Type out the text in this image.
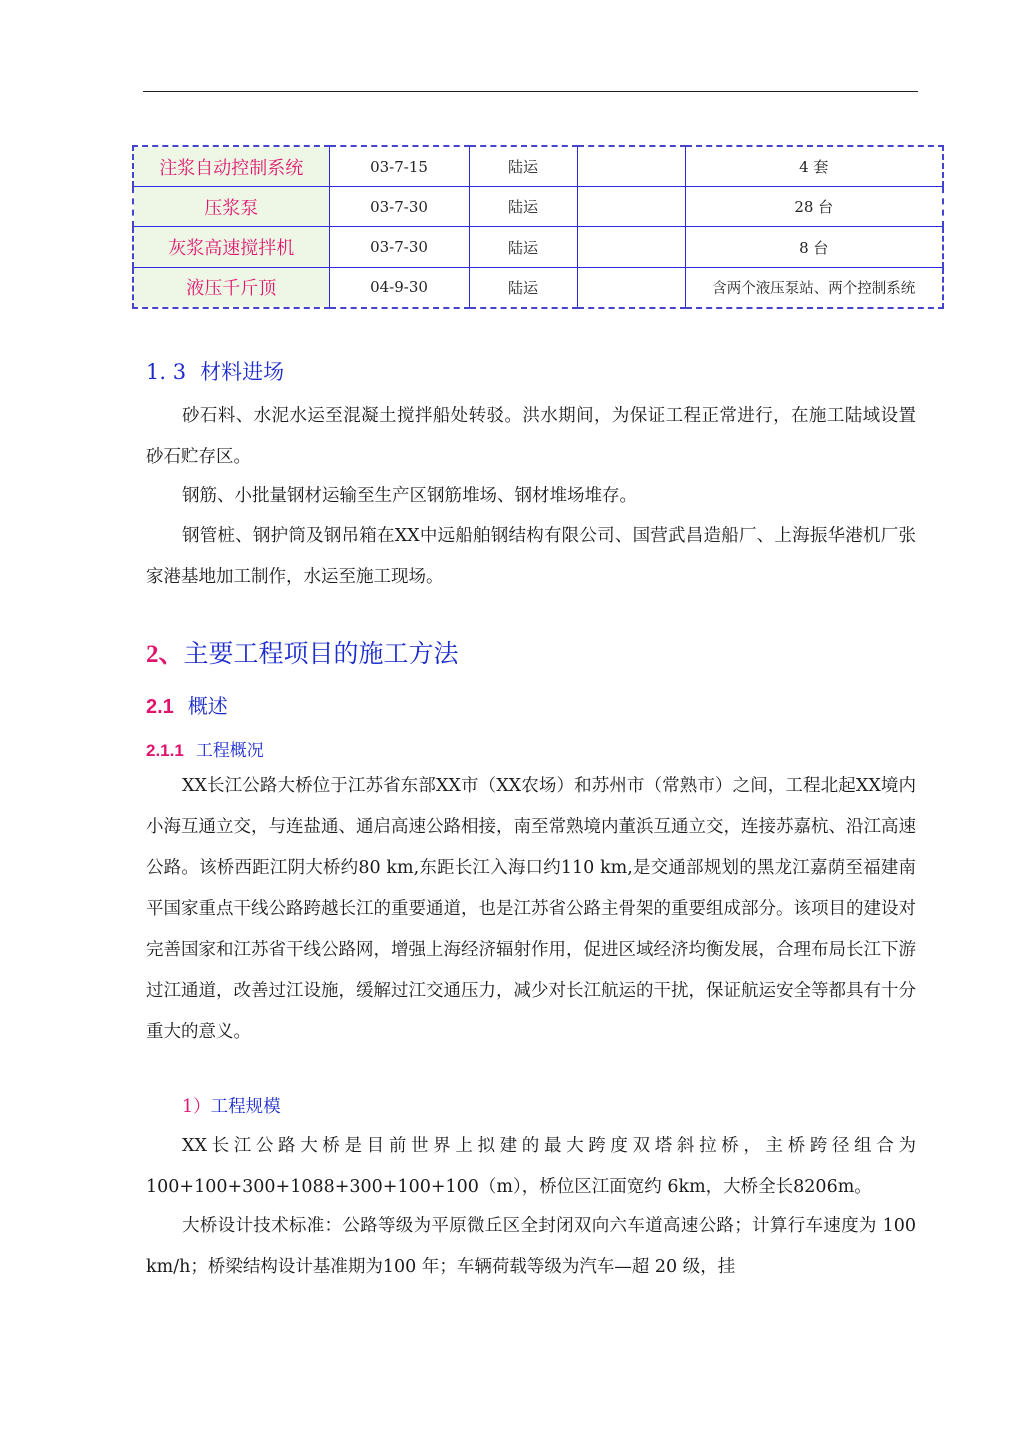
注浆自动控制系统	03-7-15	陆运		4 套
压浆泵	03-7-30	陆运		28 台
灰浆高速搅拌机	03-7-30	陆运		8 台
液压千斤顶	04-9-30	陆运		含两个液压泵站、两个控制系统
1. 3 材料进场

砂石料、水泥水运至混凝土搅拌船处转驳。洪水期间，为保证工程正常进行，在施工陆域设置砂石贮存区。

钢筋、小批量钢材运输至生产区钢筋堆场、钢材堆场堆存。

钢管桩、钢护筒及钢吊箱在XX中远船舶钢结构有限公司、国营武昌造船厂、上海振华港机厂张家港基地加工制作，水运至施工现场。

2、主要工程项目的施工方法
2.1 概述
2.1.1 工程概况

XX长江公路大桥位于江苏省东部XX市（XX农场）和苏州市（常熟市）之间，工程北起XX境内小海互通立交，与连盐通、通启高速公路相接，南至常熟境内董浜互通立交，连接苏嘉杭、沿江高速公路。该桥西距江阴大桥约80 km,东距长江入海口约110 km,是交通部规划的黑龙江嘉荫至福建南平国家重点干线公路跨越长江的重要通道，也是江苏省公路主骨架的重要组成部分。该项目的建设对完善国家和江苏省干线公路网，增强上海经济辐射作用，促进区域经济均衡发展，合理布局长江下游过江通道，改善过江设施，缓解过江交通压力，减少对长江航运的干扰，保证航运安全等都具有十分重大的意义。

1）工程规模

XX长江公路大桥是目前世界上拟建的最大跨度双塔斜拉桥，主桥跨径组合为100+100+300+1088+300+100+100（m），桥位区江面宽约 6km，大桥全长8206m。

大桥设计技术标准：公路等级为平原微丘区全封闭双向六车道高速公路；计算行车速度为 100 km/h；桥梁结构设计基准期为100 年；车辆荷载等级为汽车—超 20 级，挂
